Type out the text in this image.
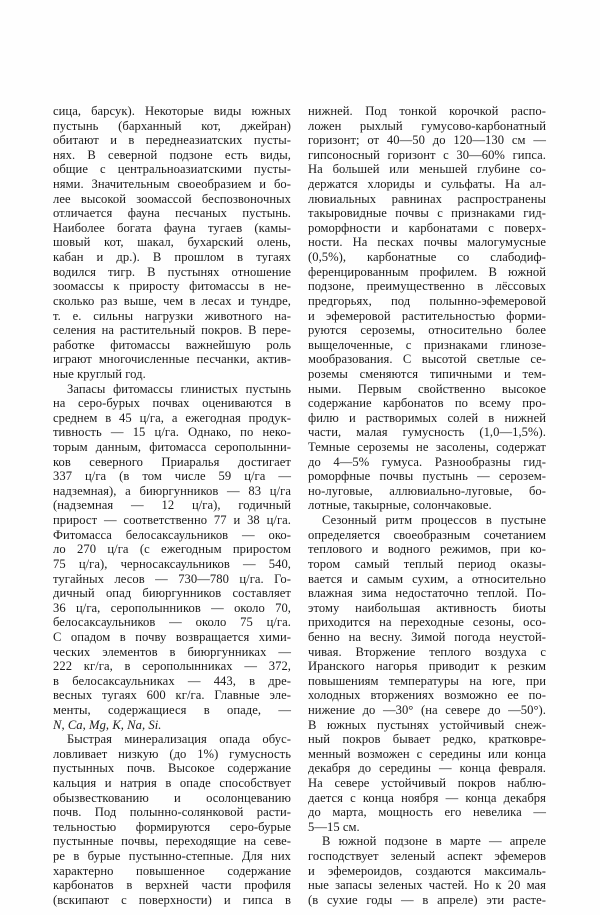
сица, барсук). Некоторые виды южных
пустынь (барханный кот, джейран)
обитают и в переднеазиатских пусты-
нях. В северной подзоне есть виды,
общие с центральноазиатскими пусты-
нями. Значительным своеобразием и бо-
лее высокой зоомассой беспозвоночных
отличается фауна песчаных пустынь.
Наиболее богата фауна тугаев (камы-
шовый кот, шакал, бухарский олень,
кабан и др.). В прошлом в тугаях
водился тигр. В пустынях отношение
зоомассы к приросту фитомассы в не-
сколько раз выше, чем в лесах и тундре,
т. е. сильны нагрузки животного на-
селения на растительный покров. В пере-
работке фитомассы важнейшую роль
играют многочисленные песчанки, актив-
ные круглый год.
Запасы фитомассы глинистых пустынь
на серо-бурых почвах оцениваются в
среднем в 45 ц/га, а ежегодная продук-
тивность — 15 ц/га. Однако, по неко-
торым данным, фитомасса серополынни-
ков северного Приаралья достигает
337 ц/га (в том числе 59 ц/га —
надземная), а биюргунников — 83 ц/га
(надземная — 12 ц/га), годичный
прирост — соответственно 77 и 38 ц/га.
Фитомасса белосаксаульников — око-
ло 270 ц/га (с ежегодным приростом
75 ц/га), черносаксаульников — 540,
тугайных лесов — 730—780 ц/га. Го-
дичный опад биюргунников составляет
36 ц/га, серополынников — около 70,
белосаксаульников — около 75 ц/га.
С опадом в почву возвращается хими-
ческих элементов в биюргунниках —
222 кг/га, в серополынниках — 372,
в белосаксаульниках — 443, в дре-
весных тугаях 600 кг/га. Главные эле-
менты, содержащиеся в опаде, —
N, Ca, Mg, K, Na, Si.
Быстрая минерализация опада обус-
ловливает низкую (до 1%) гумусность
пустынных почв. Высокое содержание
кальция и натрия в опаде способствует
обызвесткованию и осолонцеванию
почв. Под полынно-солянковой расти-
тельностью формируются серо-бурые
пустынные почвы, переходящие на севе-
ре в бурые пустынно-степные. Для них
характерно повышенное содержание
карбонатов в верхней части профиля
(вскипают с поверхности) и гипса в
нижней. Под тонкой корочкой распо-
ложен рыхлый гумусово-карбонатный
горизонт; от 40—50 до 120—130 см —
гипсоносный горизонт с 30—60% гипса.
На большей или меньшей глубине со-
держатся хлориды и сульфаты. На ал-
лювиальных равнинах распространены
такыровидные почвы с признаками гид-
роморфности и карбонатами с поверх-
ности. На песках почвы малогумусные
(0,5%), карбонатные со слабодиф-
ференцированным профилем. В южной
подзоне, преимущественно в лёссовых
предгорьях, под полынно-эфемеровой
и эфемеровой растительностью форми-
руются сероземы, относительно более
выщелоченные, с признаками глинозе-
мообразования. С высотой светлые се-
роземы сменяются типичными и тем-
ными. Первым свойственно высокое
содержание карбонатов по всему про-
филю и растворимых солей в нижней
части, малая гумусность (1,0—1,5%).
Темные сероземы не засолены, содержат
до 4—5% гумуса. Разнообразны гид-
роморфные почвы пустынь — серозем-
но-луговые, аллювиально-луговые, бо-
лотные, такырные, солончаковые.
Сезонный ритм процессов в пустыне
определяется своеобразным сочетанием
теплового и водного режимов, при ко-
тором самый теплый период оказы-
вается и самым сухим, а относительно
влажная зима недостаточно теплой. По-
этому наибольшая активность биоты
приходится на переходные сезоны, осо-
бенно на весну. Зимой погода неустой-
чивая. Вторжение теплого воздуха с
Иранского нагорья приводит к резким
повышениям температуры на юге, при
холодных вторжениях возможно ее по-
нижение до —30° (на севере до —50°).
В южных пустынях устойчивый снеж-
ный покров бывает редко, кратковре-
менный возможен с середины или конца
декабря до середины — конца февраля.
На севере устойчивый покров наблю-
дается с конца ноября — конца декабря
до марта, мощность его невелика —
5—15 см.
В южной подзоне в марте — апреле
господствует зеленый аспект эфемеров
и эфемероидов, создаются максималь-
ные запасы зеленых частей. Но к 20 мая
(в сухие годы — в апреле) эти расте-
